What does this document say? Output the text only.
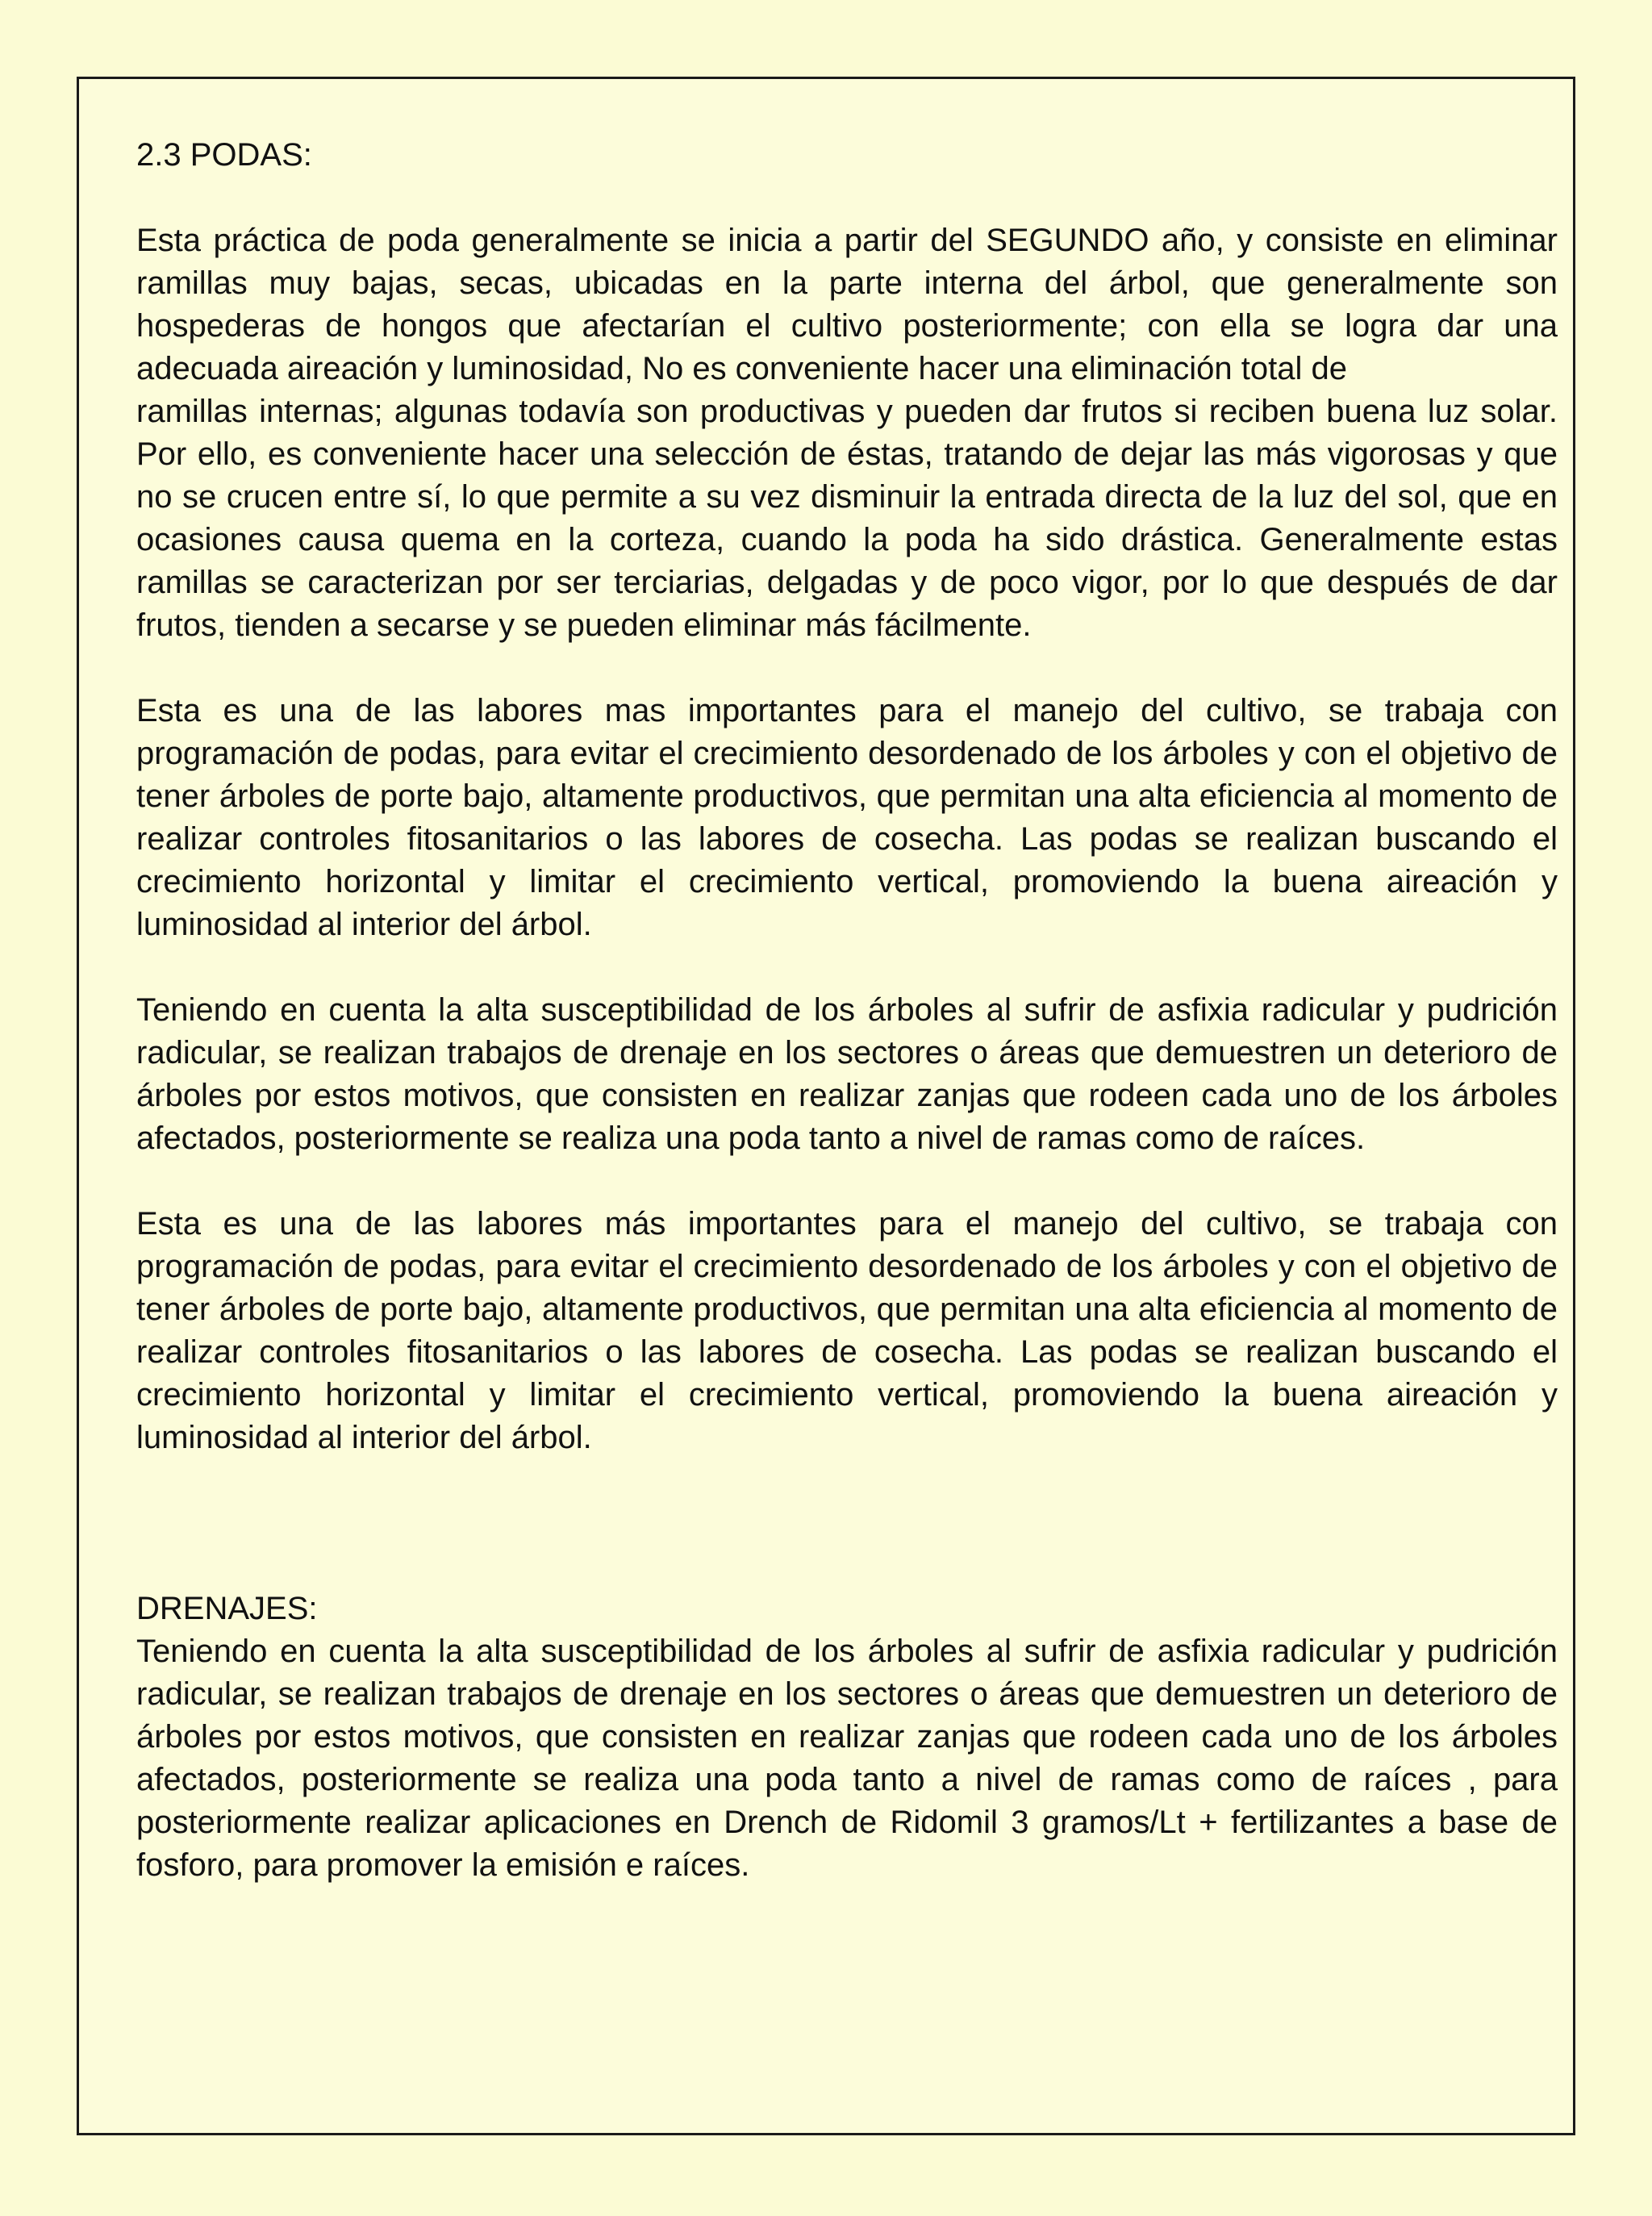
2.3 PODAS:

Esta práctica de poda generalmente se inicia a partir del SEGUNDO año, y consiste en eliminar ramillas muy bajas, secas, ubicadas en la parte interna del árbol, que generalmente son hospederas de hongos que afectarían el cultivo posteriormente; con ella se logra dar una adecuada aireación y luminosidad, No es conveniente hacer una eliminación total de

ramillas internas; algunas todavía son productivas y pueden dar frutos si reciben buena luz solar. Por ello, es conveniente hacer una selección de éstas, tratando de dejar las más vigorosas y que no se crucen entre sí, lo que permite a su vez disminuir la entrada directa de la luz del sol, que en ocasiones causa quema en la corteza, cuando la poda ha sido drástica. Generalmente estas ramillas se caracterizan por ser terciarias, delgadas y de poco vigor, por lo que después de dar frutos, tienden a secarse y se pueden eliminar más fácilmente.

Esta es una de las labores mas importantes para el manejo del cultivo, se trabaja con programación de podas, para evitar el crecimiento desordenado de los árboles y con el objetivo de tener árboles de porte bajo, altamente productivos, que permitan una alta eficiencia al momento de realizar controles fitosanitarios o las labores de cosecha. Las podas se realizan buscando el crecimiento horizontal y limitar el crecimiento vertical, promoviendo la buena aireación y luminosidad al interior del árbol.

Teniendo en cuenta la alta susceptibilidad de los árboles al sufrir de asfixia radicular y pudrición radicular, se realizan trabajos de drenaje en los sectores o áreas que demuestren un deterioro de árboles por estos motivos, que consisten en realizar zanjas que rodeen cada uno de los árboles afectados, posteriormente se realiza una poda tanto a nivel de ramas como de raíces.

Esta es una de las labores más importantes para el manejo del cultivo, se trabaja con programación de podas, para evitar el crecimiento desordenado de los árboles y con el objetivo de tener árboles de porte bajo, altamente productivos, que permitan una alta eficiencia al momento de realizar controles fitosanitarios o las labores de cosecha. Las podas se realizan buscando el crecimiento horizontal y limitar el crecimiento vertical, promoviendo la buena aireación y luminosidad al interior del árbol.

DRENAJES:

Teniendo en cuenta la alta susceptibilidad de los árboles al sufrir de asfixia radicular y pudrición radicular, se realizan trabajos de drenaje en los sectores o áreas que demuestren un deterioro de árboles por estos motivos, que consisten en realizar zanjas que rodeen cada uno de los árboles afectados, posteriormente se realiza una poda tanto a nivel de ramas como de raíces , para posteriormente realizar aplicaciones en Drench de Ridomil 3 gramos/Lt + fertilizantes a base de fosforo, para promover la emisión e raíces.
